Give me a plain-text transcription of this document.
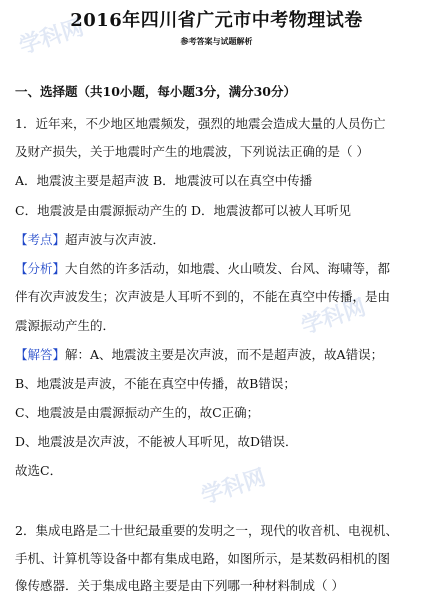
学科网
学科网
学科网
2016年四川省广元市中考物理试卷
参考答案与试题解析
一、选择题（共10小题，每小题3分，满分30分）
1．近年来，不少地区地震频发，强烈的地震会造成大量的人员伤亡
及财产损失，关于地震时产生的地震波，下列说法正确的是（ ）
A．地震波主要是超声波 B．地震波可以在真空中传播
C．地震波是由震源振动产生的 D．地震波都可以被人耳听见
【考点】超声波与次声波．
【分析】大自然的许多活动，如地震、火山喷发、台风、海啸等，都
伴有次声波发生；次声波是人耳听不到的，不能在真空中传播，是由
震源振动产生的．
【解答】解：A、地震波主要是次声波，而不是超声波，故A错误；
B、地震波是声波，不能在真空中传播，故B错误；
C、地震波是由震源振动产生的，故C正确；
D、地震波是次声波，不能被人耳听见，故D错误．
故选C．
2．集成电路是二十世纪最重要的发明之一，现代的收音机、电视机、
手机、计算机等设备中都有集成电路，如图所示，是某数码相机的图
像传感器．关于集成电路主要是由下列哪一种材料制成（ ）
